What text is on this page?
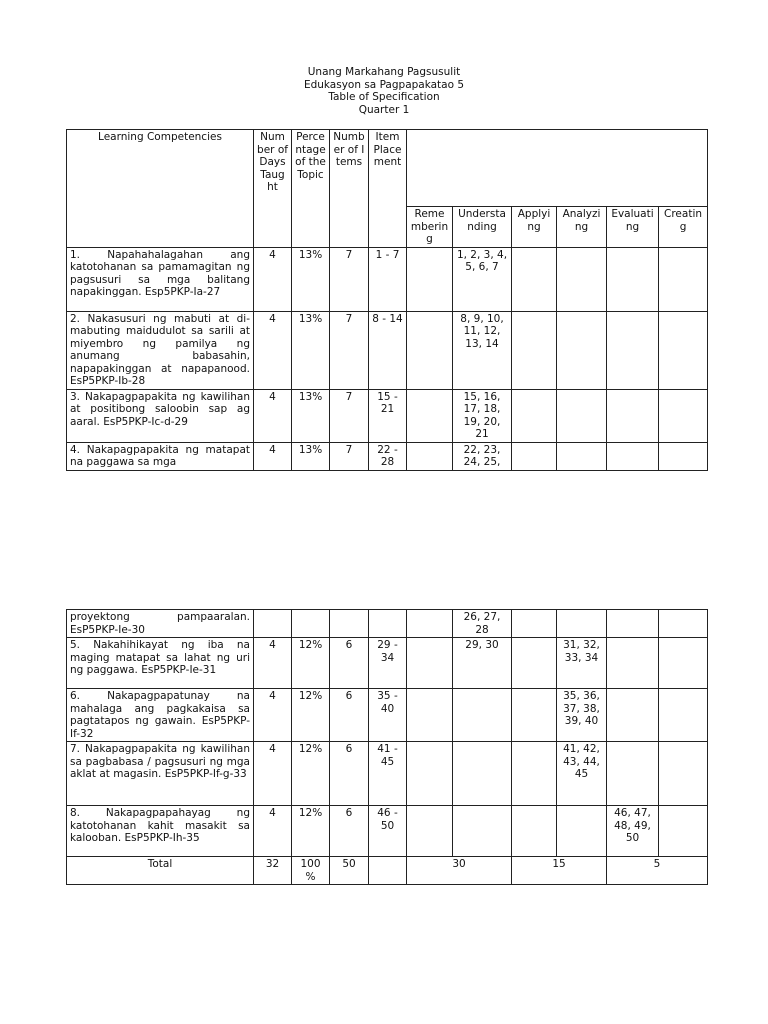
Unang Markahang Pagsusulit
Edukasyon sa Pagpapakatao 5
Table of Specification
Quarter 1
Learning Competencies	Number of Days Taught	Percentage of the Topic	Number of Items	Item Placement						
					Remembering	Understanding	Applying	Analyzing	Evaluating	Creating
1. Napahahalagahan ang katotohanan sa pamamagitan ng pagsusuri sa mga balitang napakinggan. Esp5PKP-Ia-27	4	13%	7	1 - 7		1, 2, 3, 4, 5, 6, 7				
2. Nakasusuri ng mabuti at di-mabuting maidudulot sa sarili at miyembro ng pamilya ng anumang babasahin, napapakinggan at napapanood. EsP5PKP-Ib-28	4	13%	7	8 - 14		8, 9, 10, 11, 12, 13, 14				
3. Nakapagpapakita ng kawilihan at positibong saloobin sap ag aaral. EsP5PKP-Ic-d-29	4	13%	7	15 - 21		15, 16, 17, 18, 19, 20, 21				
4. Nakapagpapakita ng matapat na paggawa sa mga	4	13%	7	22 - 28		22, 23, 24, 25,				
proyektong pampaaralan. EsP5PKP-Ie-30						26, 27, 28				
5. Nakahihikayat ng iba na maging matapat sa lahat ng uri ng paggawa. EsP5PKP-Ie-31	4	12%	6	29 - 34		29, 30		31, 32, 33, 34		
6. Nakapagpapatunay na mahalaga ang pagkakaisa sa pagtatapos ng gawain. EsP5PKP-If-32	4	12%	6	35 - 40				35, 36, 37, 38, 39, 40		
7. Nakapagpapakita ng kawilihan sa pagbabasa / pagsusuri ng mga aklat at magasin. EsP5PKP-If-g-33	4	12%	6	41 - 45				41, 42, 43, 44, 45		
8. Nakapagpapahayag ng katotohanan kahit masakit sa kalooban. EsP5PKP-Ih-35	4	12%	6	46 - 50					46, 47, 48, 49, 50	
Total	32	100 %	50		30		15		5	
